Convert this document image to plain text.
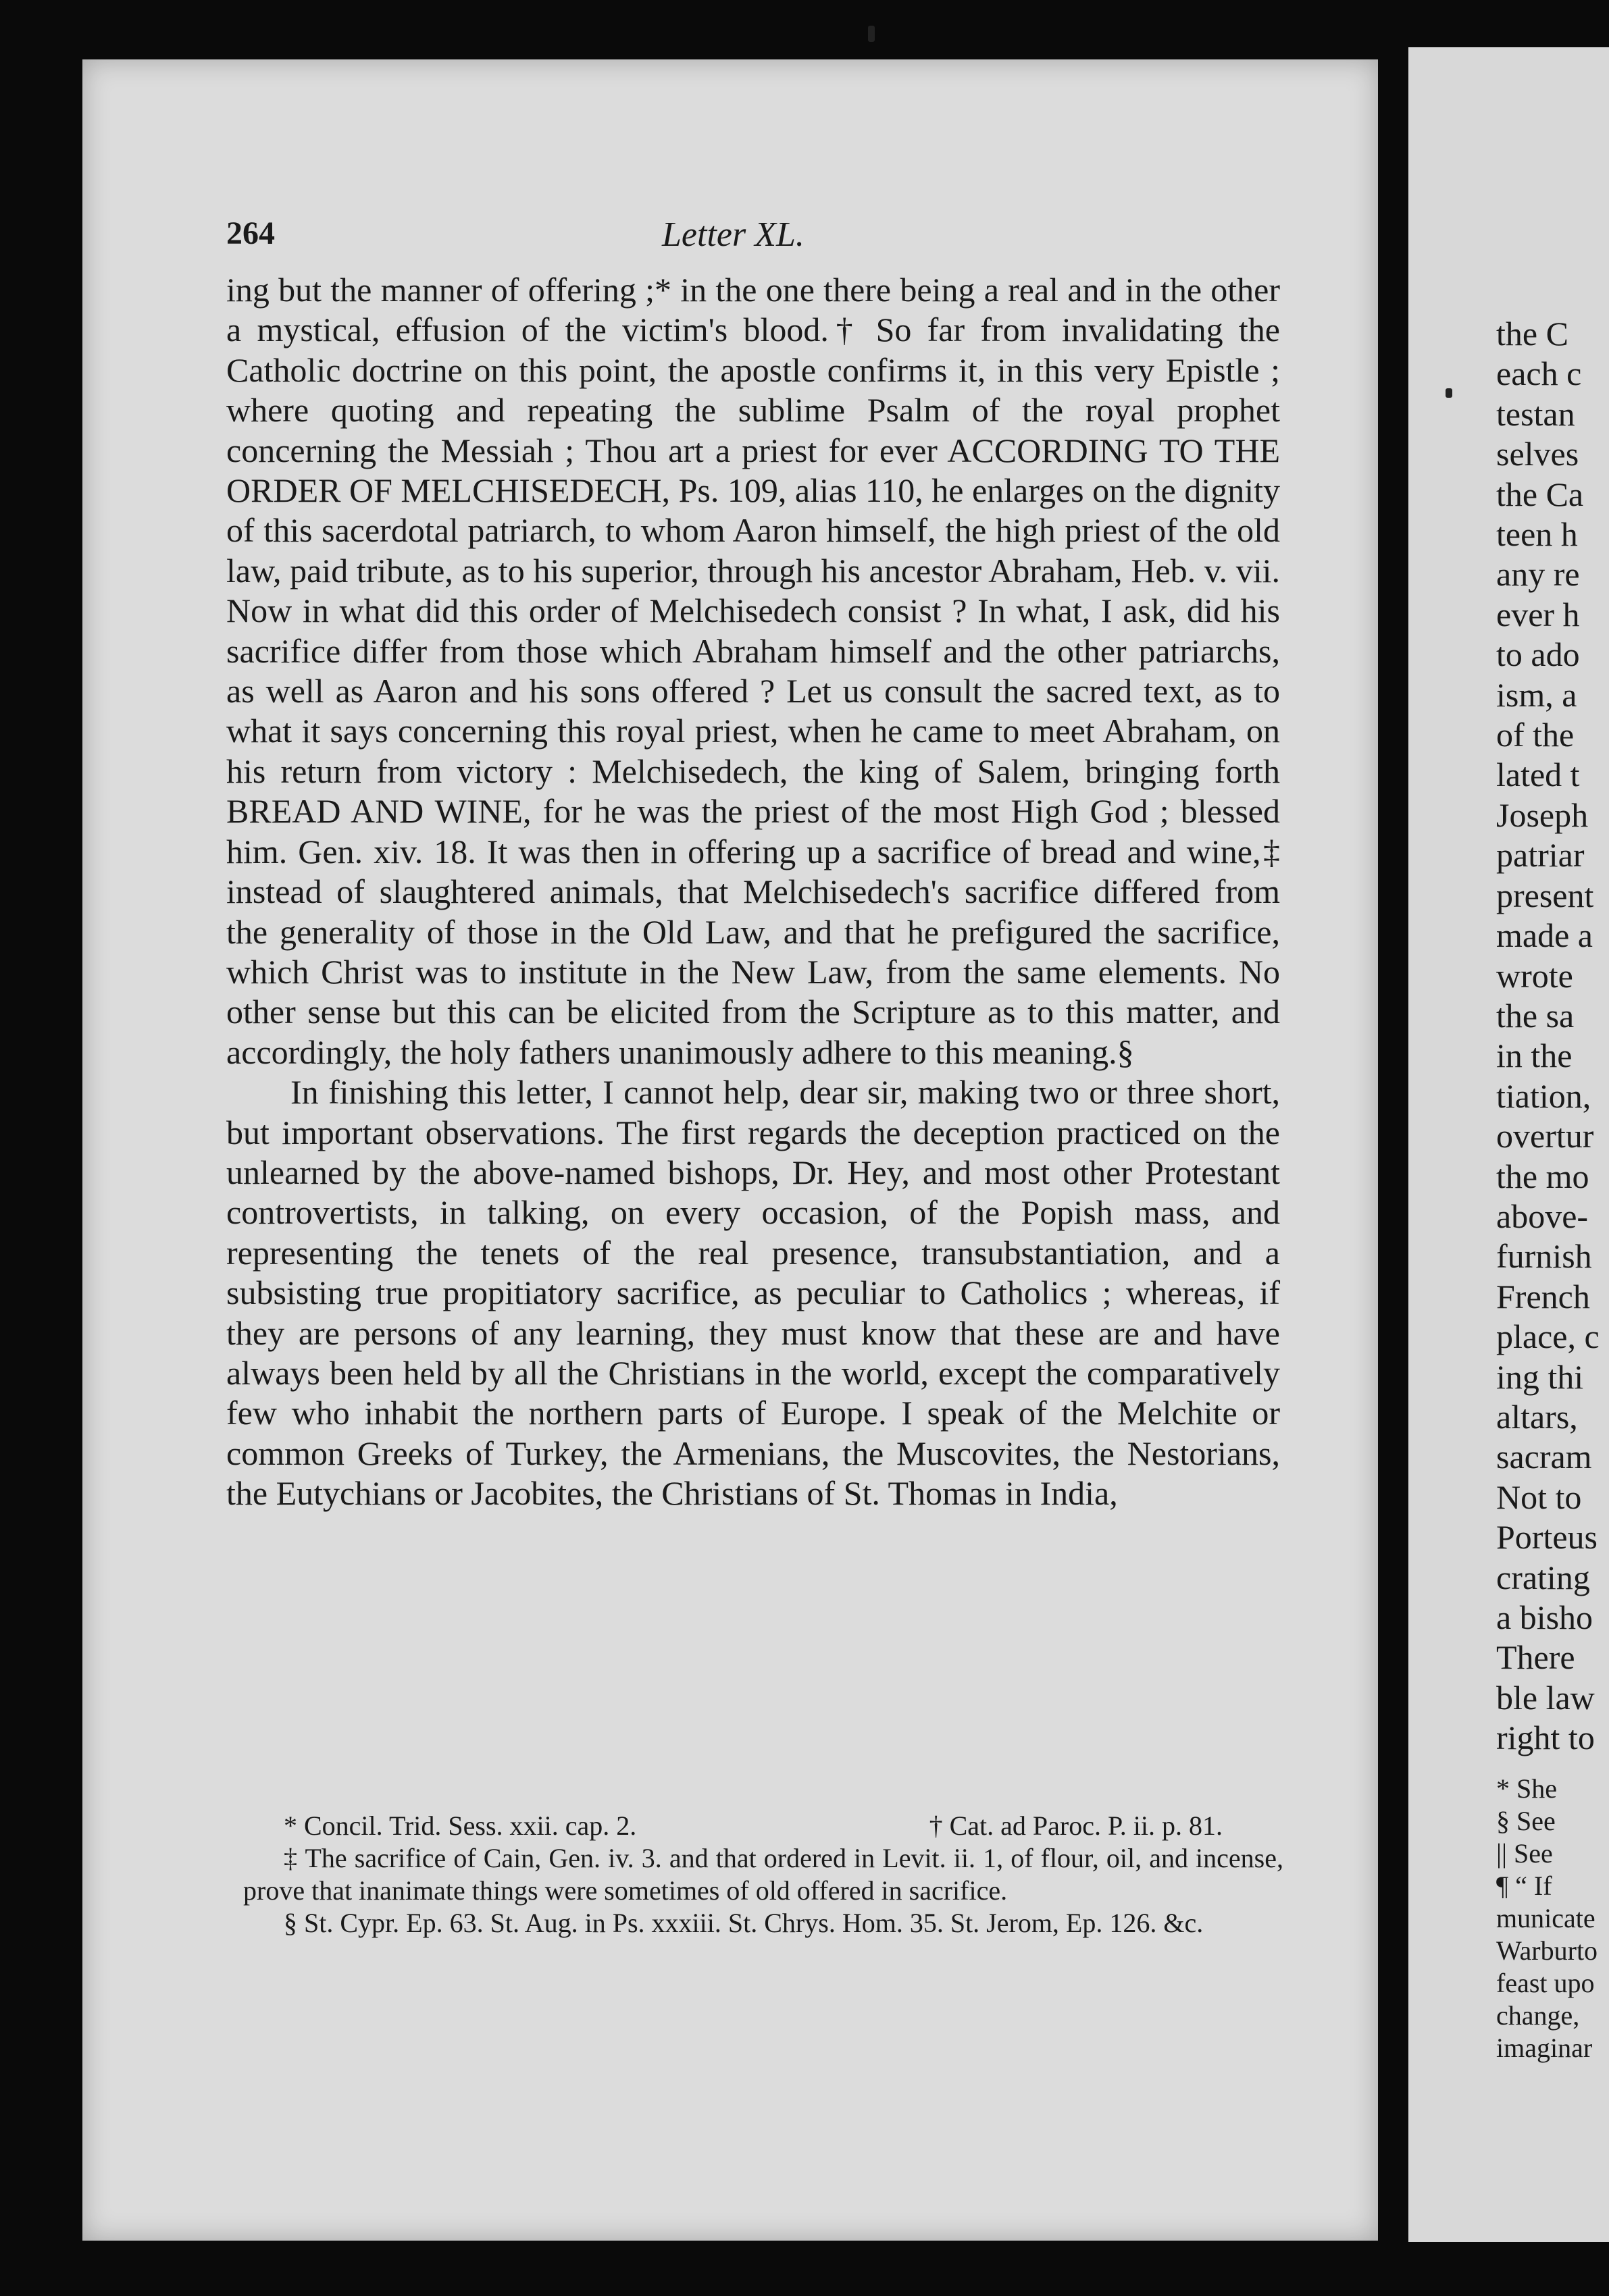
the C
each c
testan
selves
the Ca
teen h
any re
ever h
to ado
ism, a
of the
lated t
Joseph
patriar
present
made a
wrote
the sa
in the
tiation,
overtur
the mo
above-
furnish
French
place, c
ing thi
altars,
sacram
Not to
Porteus
crating
a bisho
There
ble law
right to
* She
§ See
|| See
¶ “ If
municate
Warburto
feast upo
change,
imaginar
264	Letter XL.

ing but the manner of offering ;* in the one there being a real and in the other a mystical, effusion of the victim's blood.† So far from invalidating the Catholic doctrine on this point, the apostle confirms it, in this very Epistle ; where quoting and repeating the sublime Psalm of the royal prophet concerning the Messiah ; Thou art a priest for ever ACCORDING TO THE ORDER OF MELCHISEDECH, Ps. 109, alias 110, he enlarges on the dignity of this sacerdotal patriarch, to whom Aaron himself, the high priest of the old law, paid tribute, as to his superior, through his ancestor Abraham, Heb. v. vii. Now in what did this order of Melchisedech consist ? In what, I ask, did his sacrifice differ from those which Abraham himself and the other patriarchs, as well as Aaron and his sons offered ? Let us consult the sacred text, as to what it says concerning this royal priest, when he came to meet Abraham, on his return from victory : Melchisedech, the king of Salem, bringing forth BREAD AND WINE, for he was the priest of the most High God ; blessed him. Gen. xiv. 18. It was then in offering up a sacrifice of bread and wine,‡ instead of slaughtered animals, that Melchisedech's sacrifice differed from the generality of those in the Old Law, and that he prefigured the sacrifice, which Christ was to institute in the New Law, from the same elements. No other sense but this can be elicited from the Scripture as to this matter, and accordingly, the holy fathers unanimously adhere to this meaning.§

In finishing this letter, I cannot help, dear sir, making two or three short, but important observations. The first regards the deception practiced on the unlearned by the above-named bishops, Dr. Hey, and most other Protestant controvertists, in talking, on every occasion, of the Popish mass, and representing the tenets of the real presence, transubstantiation, and a subsisting true propitiatory sacrifice, as peculiar to Catholics ; whereas, if they are persons of any learning, they must know that these are and have always been held by all the Christians in the world, except the comparatively few who inhabit the northern parts of Europe. I speak of the Melchite or common Greeks of Turkey, the Armenians, the Muscovites, the Nestorians, the Eutychians or Jacobites, the Christians of St. Thomas in India,

* Concil. Trid. Sess. xxii. cap. 2.	† Cat. ad Paroc. P. ii. p. 81.

‡ The sacrifice of Cain, Gen. iv. 3. and that ordered in Levit. ii. 1, of flour, oil, and incense, prove that inanimate things were sometimes of old offered in sacrifice.

§ St. Cypr. Ep. 63. St. Aug. in Ps. xxxiii. St. Chrys. Hom. 35. St. Jerom, Ep. 126. &c.
